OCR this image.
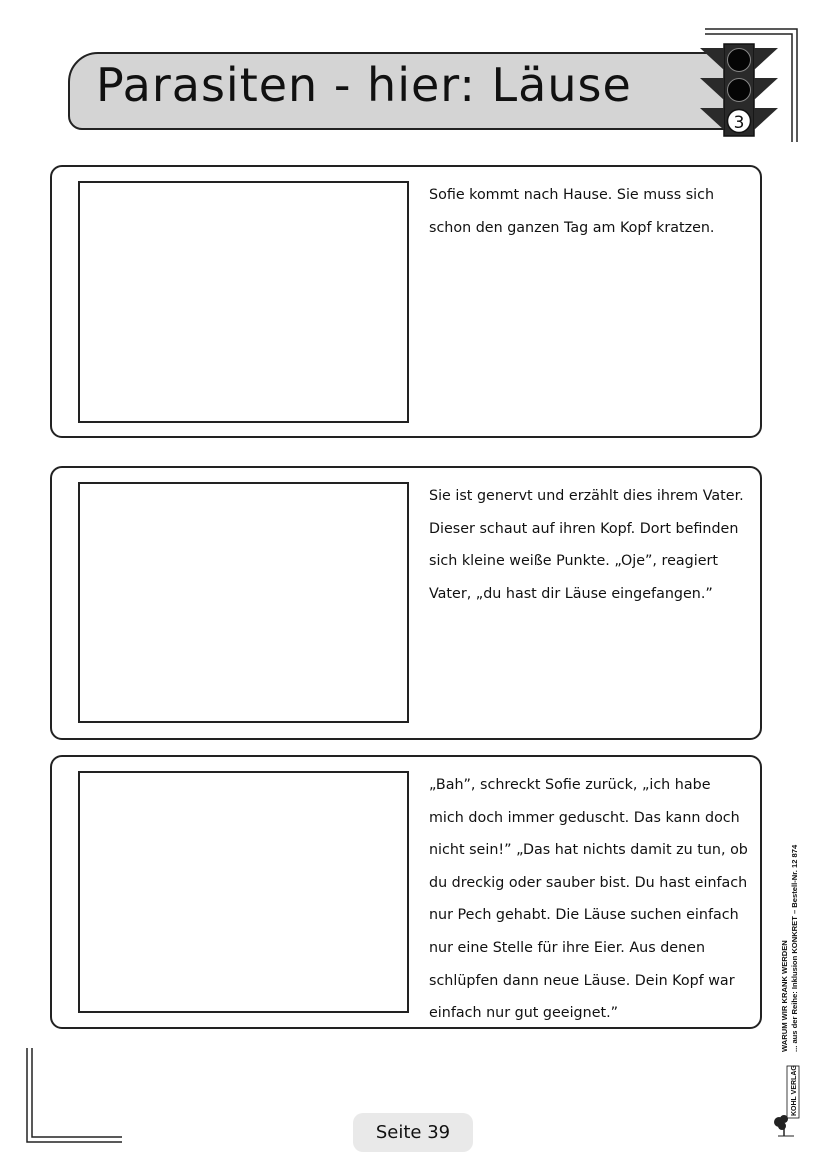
Parasiten - hier: Läuse
3
Sofie kommt nach Hause. Sie muss sich schon den ganzen Tag am Kopf kratzen.
Sie ist genervt und erzählt dies ihrem Vater. Dieser schaut auf ihren Kopf. Dort befinden sich kleine weiße Punkte. „Oje”, reagiert Vater, „du hast dir Läuse eingefangen.”
„Bah”, schreckt Sofie zurück, „ich habe mich doch immer geduscht. Das kann doch nicht sein!” „Das hat nichts damit zu tun, ob du dreckig oder sauber bist. Du hast einfach nur Pech gehabt. Die Läuse suchen einfach nur eine Stelle für ihre Eier. Aus denen schlüpfen dann neue Läuse. Dein Kopf war einfach nur gut geeignet.”	WARUM WIR KRANK WERDEN ... aus der Reihe: Inklusion KONKRET – Bestell-Nr. 12 874
KOHL VERLAG
Seite 39
